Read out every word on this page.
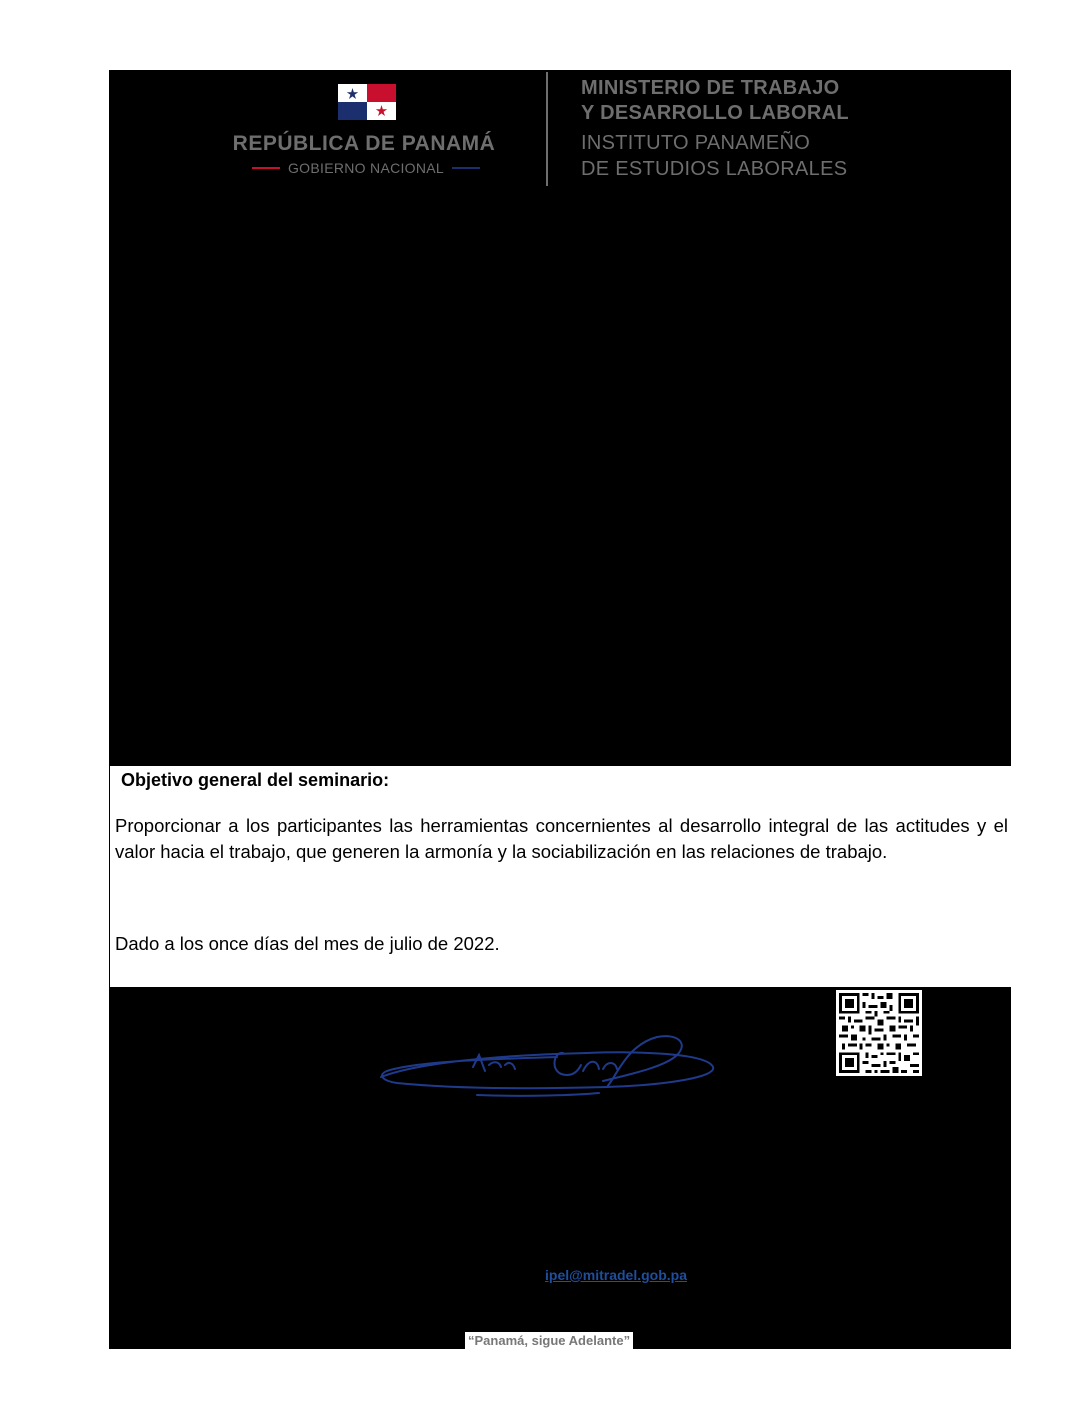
REPÚBLICA DE PANAMÁ
GOBIERNO NACIONAL
MINISTERIO DE TRABAJO
Y DESARROLLO LABORAL
INSTITUTO PANAMEÑO
DE ESTUDIOS LABORALES
Objetivo general del seminario:
Proporcionar a los participantes las herramientas concernientes al desarrollo integral de las actitudes y el valor hacia el trabajo, que generen la armonía y la sociabilización en las relaciones de trabajo.
Dado a los once días del mes de julio de 2022.
ipel@mitradel.gob.pa
“Panamá, sigue Adelante”
